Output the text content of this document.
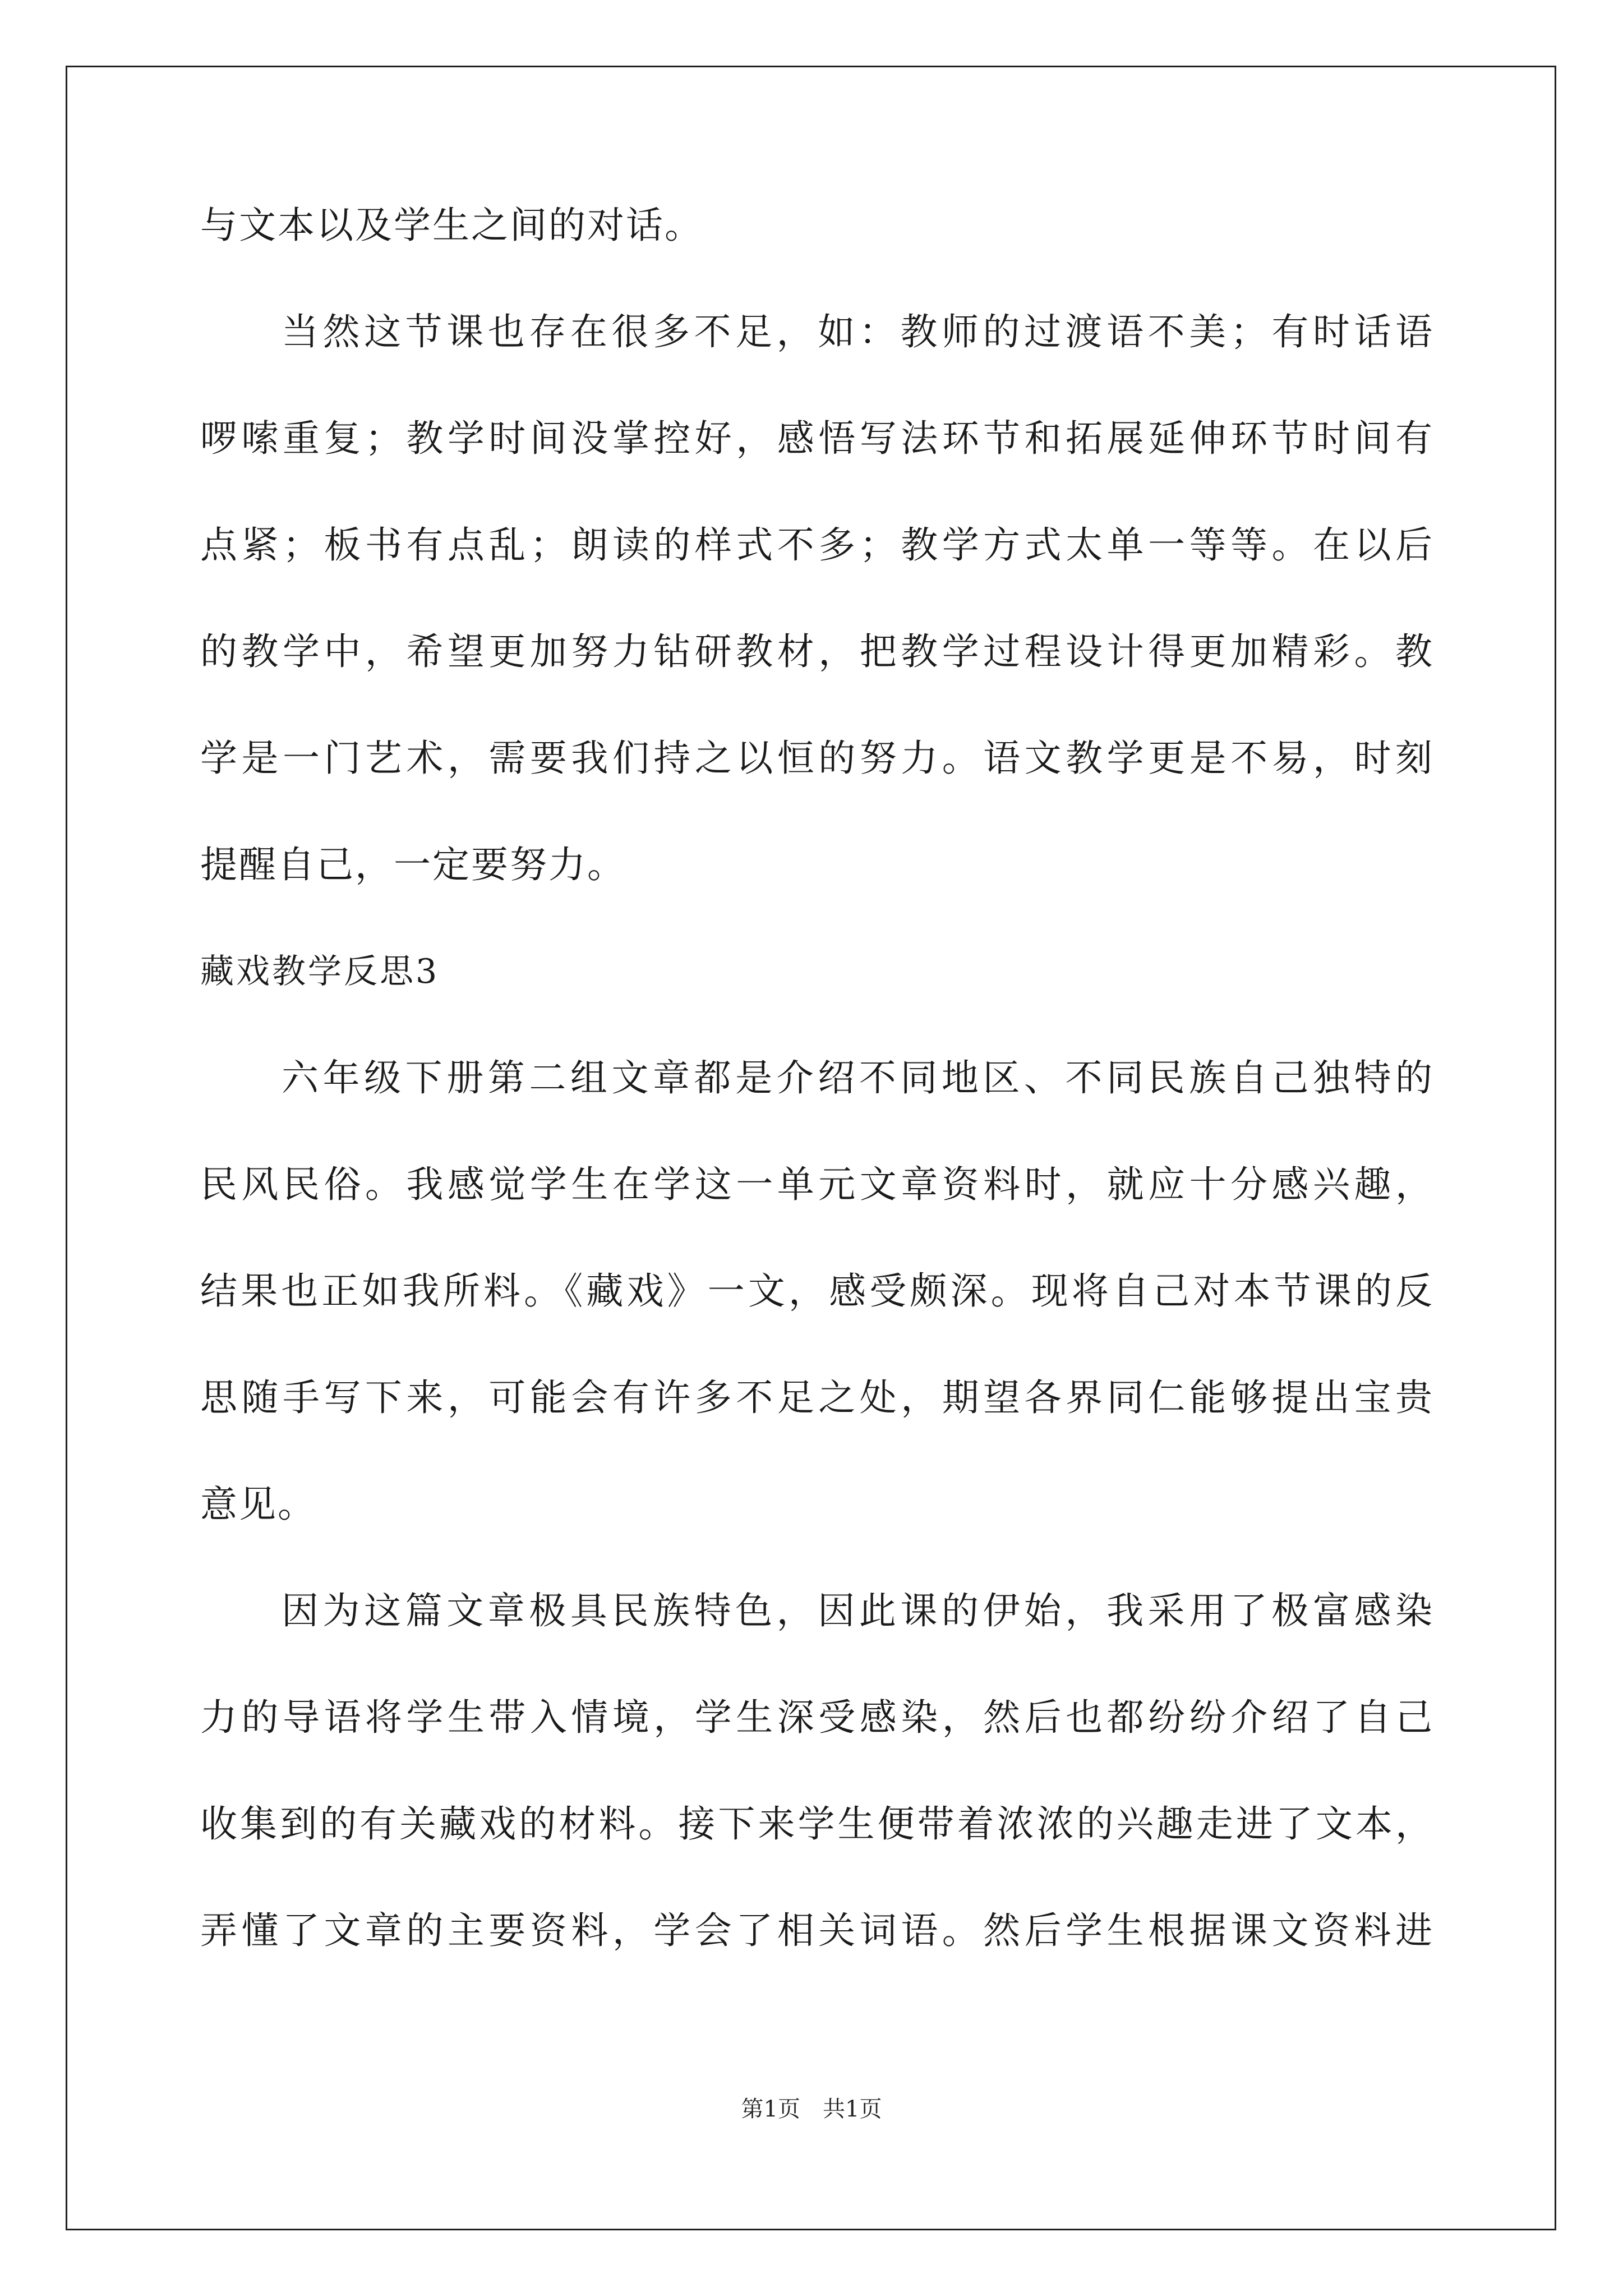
与文本以及学生之间的对话。
当然这节课也存在很多不足，如：教师的过渡语不美；有时话语
啰嗦重复；教学时间没掌控好，感悟写法环节和拓展延伸环节时间有
点紧；板书有点乱；朗读的样式不多；教学方式太单一等等。在以后
的教学中，希望更加努力钻研教材，把教学过程设计得更加精彩。教
学是一门艺术，需要我们持之以恒的努力。语文教学更是不易，时刻
提醒自己，一定要努力。
藏戏教学反思3
六年级下册第二组文章都是介绍不同地区、不同民族自己独特的
民风民俗。我感觉学生在学这一单元文章资料时，就应十分感兴趣，
结果也正如我所料。《藏戏》一文，感受颇深。现将自己对本节课的反
思随手写下来，可能会有许多不足之处，期望各界同仁能够提出宝贵
意见。
因为这篇文章极具民族特色，因此课的伊始，我采用了极富感染
力的导语将学生带入情境，学生深受感染，然后也都纷纷介绍了自己
收集到的有关藏戏的材料。接下来学生便带着浓浓的兴趣走进了文本，
弄懂了文章的主要资料，学会了相关词语。然后学生根据课文资料进
第1页　共1页
